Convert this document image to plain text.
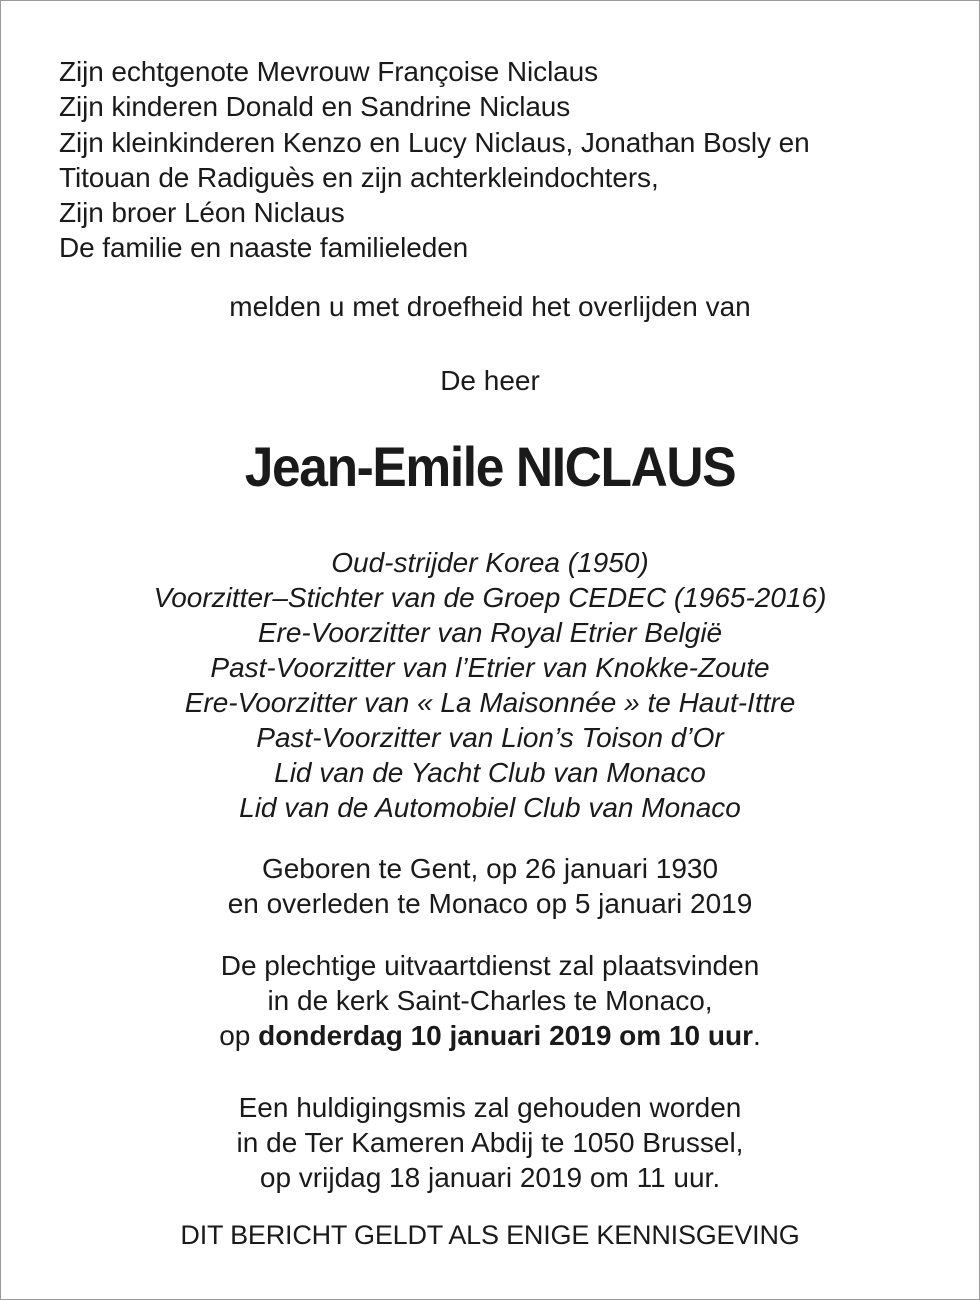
Zijn echtgenote Mevrouw Françoise Niclaus
Zijn kinderen Donald en Sandrine Niclaus
Zijn kleinkinderen Kenzo en Lucy Niclaus, Jonathan Bosly en
Titouan de Radiguès en zijn achterkleindochters,
Zijn broer Léon Niclaus
De familie en naaste familieleden
melden u met droefheid het overlijden van
De heer
Jean-Emile NICLAUS
Oud-strijder Korea (1950)
Voorzitter–Stichter van de Groep CEDEC (1965-2016)
Ere-Voorzitter van Royal Etrier België
Past-Voorzitter van l’Etrier van Knokke-Zoute
Ere-Voorzitter van « La Maisonnée » te Haut-Ittre
Past-Voorzitter van Lion’s Toison d’Or
Lid van de Yacht Club van Monaco
Lid van de Automobiel Club van Monaco
Geboren te Gent, op 26 januari 1930
en overleden te Monaco op 5 januari 2019
De plechtige uitvaartdienst zal plaatsvinden
in de kerk Saint-Charles te Monaco,
op donderdag 10 januari 2019 om 10 uur.
Een huldigingsmis zal gehouden worden
in de Ter Kameren Abdij te 1050 Brussel,
op vrijdag 18 januari 2019 om 11 uur.
DIT BERICHT GELDT ALS ENIGE KENNISGEVING
